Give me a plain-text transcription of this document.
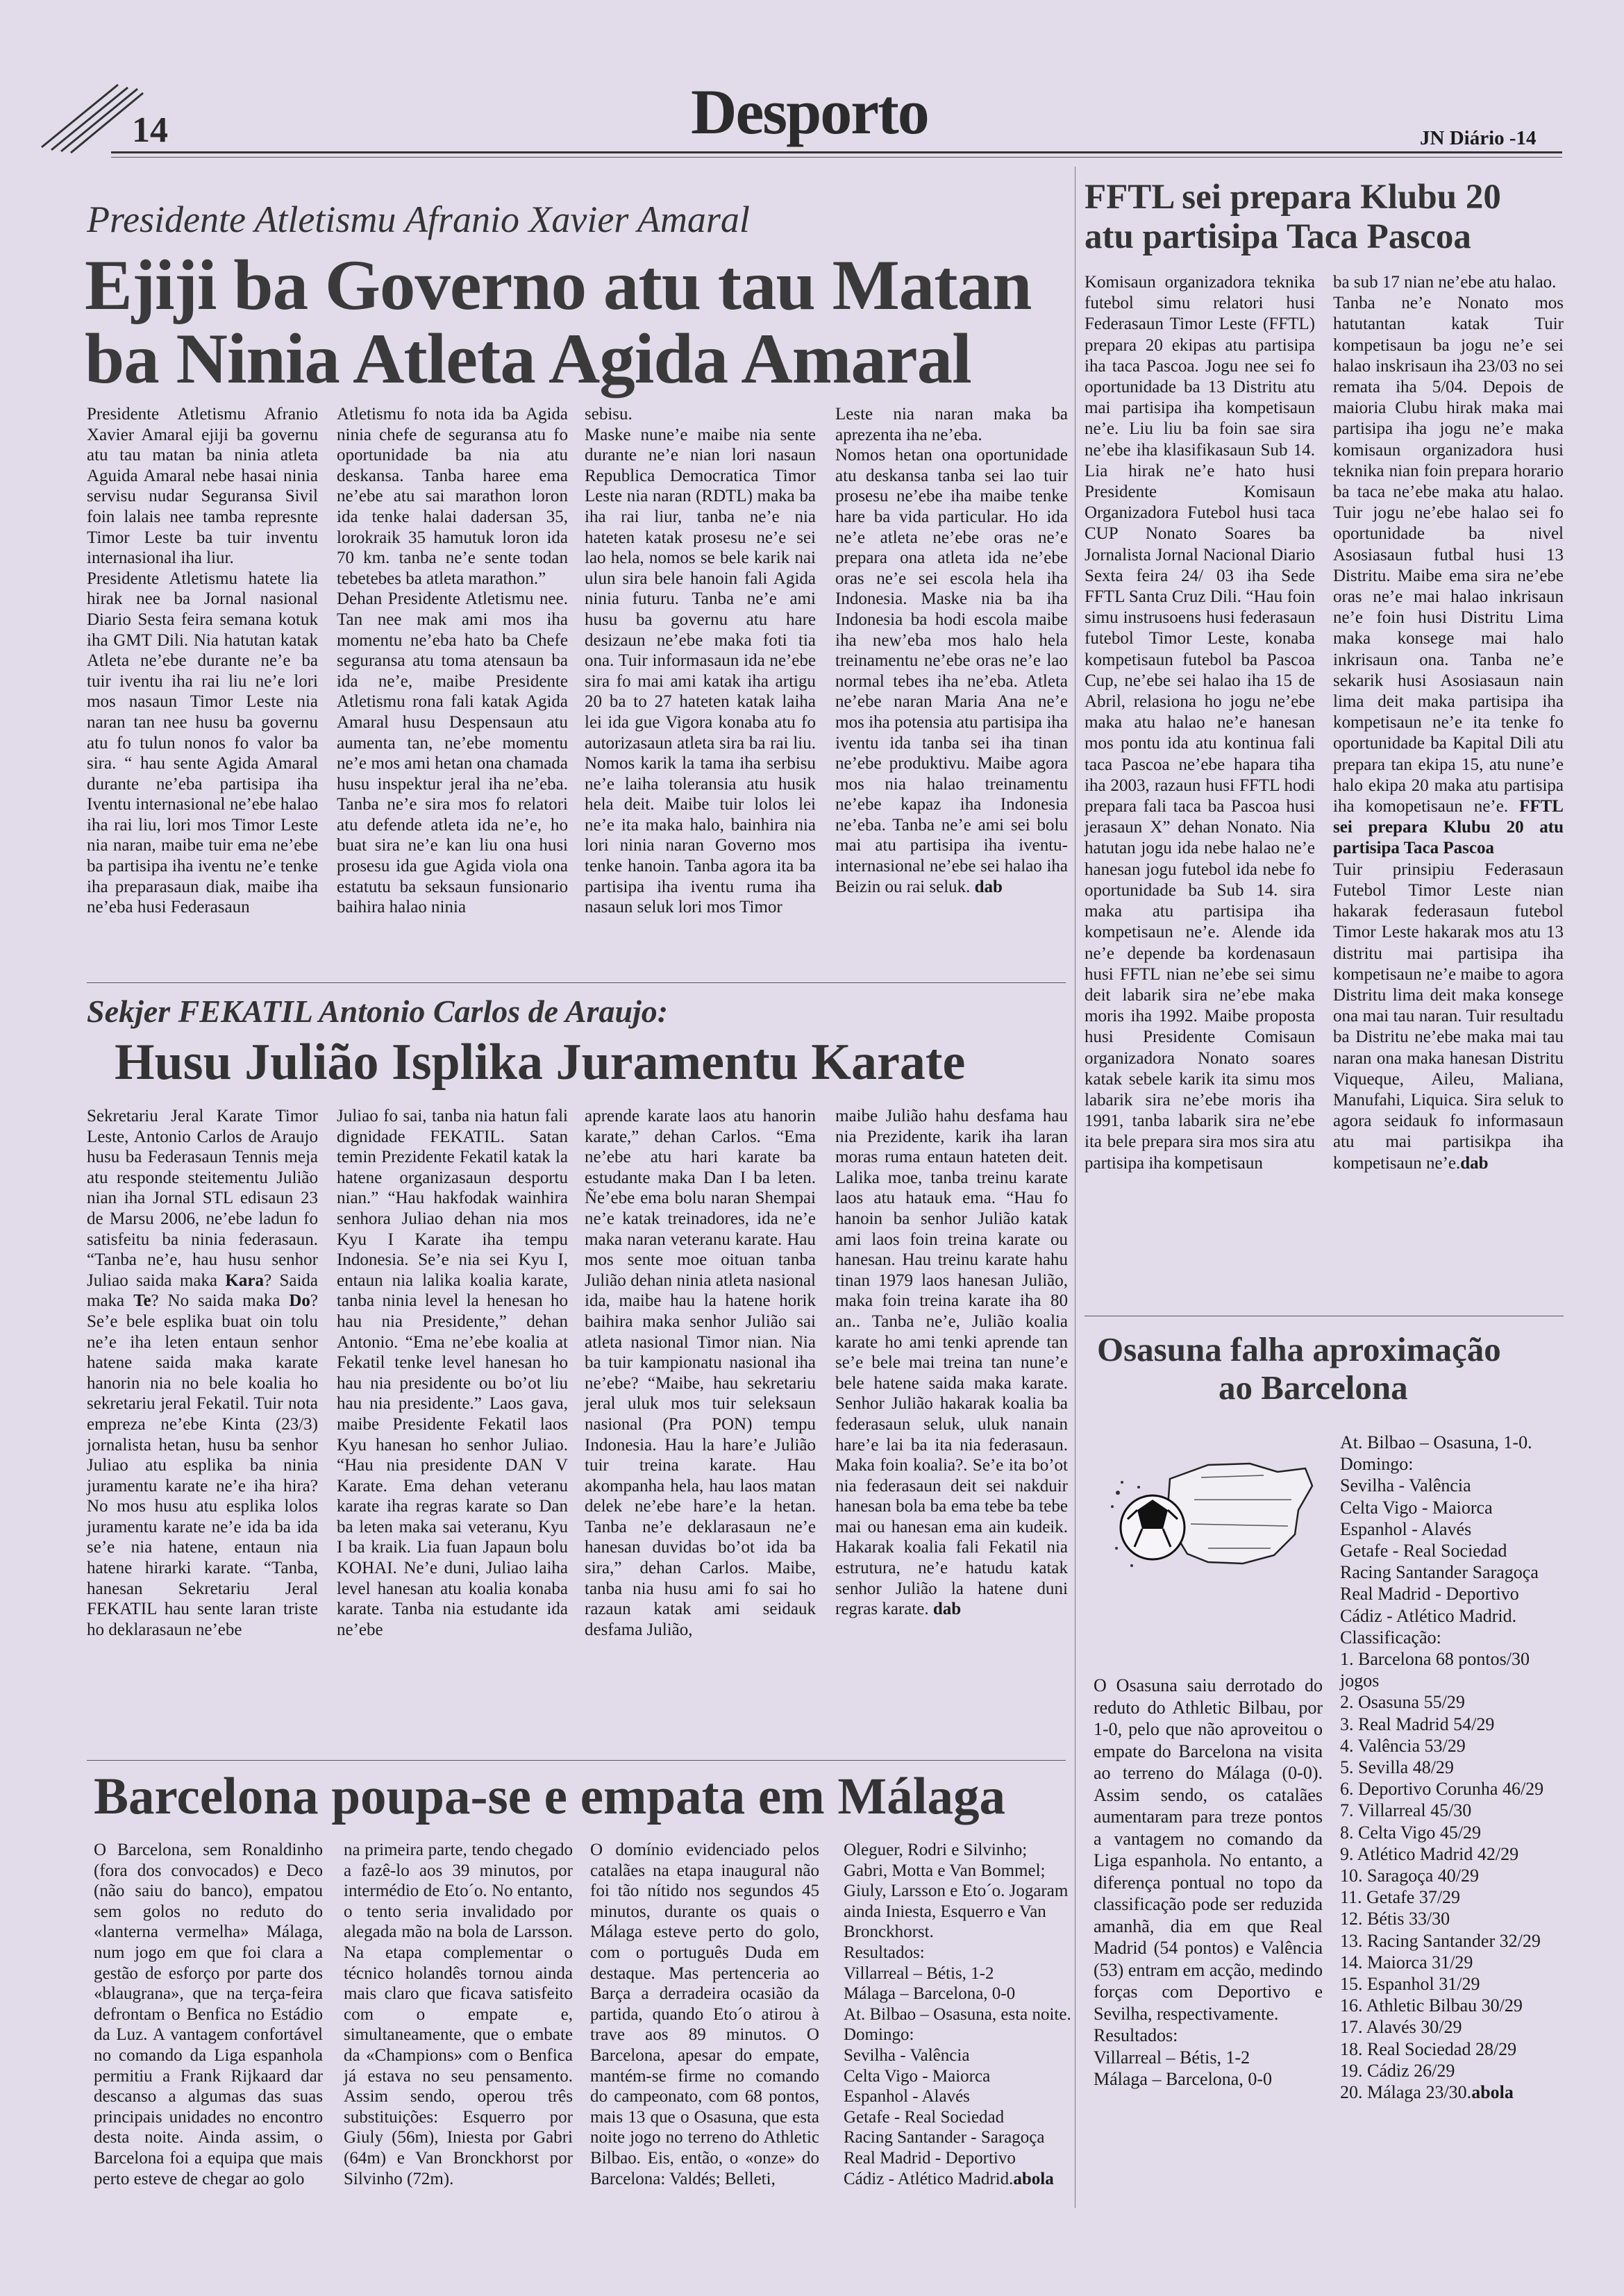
14	Desporto	JN Diário -14
Presidente Atletismu Afranio Xavier Amaral
Ejiji ba Governo atu tau Matan
ba Ninia Atleta Agida Amaral

Presidente Atletismu Afranio Xavier Amaral ejiji ba governu atu tau matan ba ninia atleta Aguida Amaral nebe hasai ninia servisu nudar Seguransa Sivil foin lalais nee tamba represnte Timor Leste ba tuir inventu internasional iha liur.
Presidente Atletismu hatete lia hirak nee ba Jornal nasional Diario Sesta feira semana kotuk iha GMT Dili. Nia hatutan katak Atleta ne’ebe durante ne’e ba tuir iventu iha rai liu ne’e lori mos nasaun Timor Leste nia naran tan nee husu ba governu atu fo tulun nonos fo valor ba sira. “ hau sente Agida Amaral durante ne’eba partisipa iha Iventu internasional ne’ebe halao iha rai liu, lori mos Timor Leste nia naran, maibe tuir ema ne’ebe ba partisipa iha iventu ne’e tenke iha preparasaun diak, maibe iha ne’eba husi Federasaun

Atletismu fo nota ida ba Agida ninia chefe de seguransa atu fo oportunidade ba nia atu deskansa. Tanba haree ema ne’ebe atu sai marathon loron ida tenke halai dadersan 35, lorokraik 35 hamutuk loron ida 70 km. tanba ne’e sente todan tebetebes ba atleta marathon.”
Dehan Presidente Atletismu nee. Tan nee mak ami mos iha momentu ne’eba hato ba Chefe seguransa atu toma atensaun ba ida ne’e, maibe Presidente Atletismu rona fali katak Agida Amaral husu Despensaun atu aumenta tan, ne’ebe momentu ne’e mos ami hetan ona chamada husu inspektur jeral iha ne’eba. Tanba ne’e sira mos fo relatori atu defende atleta ida ne’e, ho buat sira ne’e kan liu ona husi prosesu ida gue Agida viola ona estatutu ba seksaun funsionario baihira halao ninia

sebisu.
Maske nune’e maibe nia sente durante ne’e nian lori nasaun Republica Democratica Timor Leste nia naran (RDTL) maka ba iha rai liur, tanba ne’e nia hateten katak prosesu ne’e sei lao hela, nomos se bele karik nai ulun sira bele hanoin fali Agida ninia futuru. Tanba ne’e ami husu ba governu atu hare desizaun ne’ebe maka foti tia ona. Tuir informasaun ida ne’ebe sira fo mai ami katak iha artigu 20 ba to 27 hateten katak laiha lei ida gue Vigora konaba atu fo autorizasaun atleta sira ba rai liu. Nomos karik la tama iha serbisu ne’e laiha toleransia atu husik hela deit. Maibe tuir lolos lei ne’e ita maka halo, bainhira nia lori ninia naran Governo mos tenke hanoin. Tanba agora ita ba partisipa iha iventu ruma iha nasaun seluk lori mos Timor

Leste nia naran maka ba aprezenta iha ne’eba.
Nomos hetan ona oportunidade atu deskansa tanba sei lao tuir prosesu ne’ebe iha maibe tenke hare ba vida particular. Ho ida ne’e atleta ne’ebe oras ne’e prepara ona atleta ida ne’ebe oras ne’e sei escola hela iha Indonesia. Maske nia ba iha Indonesia ba hodi escola maibe iha new’eba mos halo hela treinamentu ne’ebe oras ne’e lao normal tebes iha ne’eba. Atleta ne’ebe naran Maria Ana ne’e mos iha potensia atu partisipa iha iventu ida tanba sei iha tinan ne’ebe produktivu. Maibe agora mos nia halao treinamentu ne’ebe kapaz iha Indonesia ne’eba. Tanba ne’e ami sei bolu mai atu partisipa iha iventu-internasional ne’ebe sei halao iha Beizin ou rai seluk. dab

Sekjer FEKATIL Antonio Carlos de Araujo:
Husu Julião Isplika Juramentu Karate

Sekretariu Jeral Karate Timor Leste, Antonio Carlos de Araujo husu ba Federasaun Tennis meja atu responde steitementu Julião nian iha Jornal STL edisaun 23 de Marsu 2006, ne’ebe ladun fo satisfeitu ba ninia federasaun. “Tanba ne’e, hau husu senhor Juliao saida maka Kara? Saida maka Te? No saida maka Do? Se’e bele esplika buat oin tolu ne’e iha leten entaun senhor hatene saida maka karate hanorin nia no bele koalia ho sekretariu jeral Fekatil. Tuir nota empreza ne’ebe Kinta (23/3) jornalista hetan, husu ba senhor Juliao atu esplika ba ninia juramentu karate ne’e iha hira? No mos husu atu esplika lolos juramentu karate ne’e ida ba ida se’e nia hatene, entaun nia hatene hirarki karate. “Tanba, hanesan Sekretariu Jeral FEKATIL hau sente laran triste ho deklarasaun ne’ebe

Juliao fo sai, tanba nia hatun fali dignidade FEKATIL. Satan temin Prezidente Fekatil katak la hatene organizasaun desportu nian.” “Hau hakfodak wainhira senhora Juliao dehan nia mos Kyu I Karate iha tempu Indonesia. Se’e nia sei Kyu I, entaun nia lalika koalia karate, tanba ninia level la henesan ho hau nia Presidente,” dehan Antonio. “Ema ne’ebe koalia at Fekatil tenke level hanesan ho hau nia presidente ou bo’ot liu hau nia presidente.” Laos gava, maibe Presidente Fekatil laos Kyu hanesan ho senhor Juliao. “Hau nia presidente DAN V Karate. Ema dehan veteranu karate iha regras karate so Dan ba leten maka sai veteranu, Kyu I ba kraik. Lia fuan Japaun bolu KOHAI. Ne’e duni, Juliao laiha level hanesan atu koalia konaba karate. Tanba nia estudante ida ne’ebe

aprende karate laos atu hanorin karate,” dehan Carlos. “Ema ne’ebe atu hari karate ba estudante maka Dan I ba leten. Ñe’ebe ema bolu naran Shempai ne’e katak treinadores, ida ne’e maka naran veteranu karate. Hau mos sente moe oituan tanba Julião dehan ninia atleta nasional ida, maibe hau la hatene horik baihira maka senhor Julião sai atleta nasional Timor nian. Nia ba tuir kampionatu nasional iha ne’ebe? “Maibe, hau sekretariu jeral uluk mos tuir seleksaun nasional (Pra PON) tempu Indonesia. Hau la hare’e Julião tuir treina karate. Hau akompanha hela, hau laos matan delek ne’ebe hare’e la hetan. Tanba ne’e deklarasaun ne’e hanesan duvidas bo’ot ida ba sira,” dehan Carlos. Maibe, tanba nia husu ami fo sai ho razaun katak ami seidauk desfama Julião,

maibe Julião hahu desfama hau nia Prezidente, karik iha laran moras ruma entaun hateten deit. Lalika moe, tanba treinu karate laos atu hatauk ema. “Hau fo hanoin ba senhor Julião katak ami laos foin treina karate ou hanesan. Hau treinu karate hahu tinan 1979 laos hanesan Julião, maka foin treina karate iha 80 an.. Tanba ne’e, Julião koalia karate ho ami tenki aprende tan se’e bele mai treina tan nune’e bele hatene saida maka karate. Senhor Julião hakarak koalia ba federasaun seluk, uluk nanain hare’e lai ba ita nia federasaun. Maka foin koalia?. Se’e ita bo’ot nia federasaun deit sei nakduir hanesan bola ba ema tebe ba tebe mai ou hanesan ema ain kudeik. Hakarak koalia fali Fekatil nia estrutura, ne’e hatudu katak senhor Julião la hatene duni regras karate. dab

Barcelona poupa-se e empata em Málaga

O Barcelona, sem Ronaldinho (fora dos convocados) e Deco (não saiu do banco), empatou sem golos no reduto do «lanterna vermelha» Málaga, num jogo em que foi clara a gestão de esforço por parte dos «blaugrana», que na terça-feira defrontam o Benfica no Estádio da Luz. A vantagem confortável no comando da Liga espanhola permitiu a Frank Rijkaard dar descanso a algumas das suas principais unidades no encontro desta noite. Ainda assim, o Barcelona foi a equipa que mais perto esteve de chegar ao golo

na primeira parte, tendo chegado a fazê-lo aos 39 minutos, por intermédio de Eto´o. No entanto, o tento seria invalidado por alegada mão na bola de Larsson. Na etapa complementar o técnico holandês tornou ainda mais claro que ficava satisfeito com o empate e, simultaneamente, que o embate da «Champions» com o Benfica já estava no seu pensamento. Assim sendo, operou três substituições: Esquerro por Giuly (56m), Iniesta por Gabri (64m) e Van Bronckhorst por Silvinho (72m).

O domínio evidenciado pelos catalães na etapa inaugural não foi tão nítido nos segundos 45 minutos, durante os quais o Málaga esteve perto do golo, com o português Duda em destaque. Mas pertenceria ao Barça a derradeira ocasião da partida, quando Eto´o atirou à trave aos 89 minutos. O Barcelona, apesar do empate, mantém-se firme no comando do campeonato, com 68 pontos, mais 13 que o Osasuna, que esta noite jogo no terreno do Athletic Bilbao. Eis, então, o «onze» do Barcelona: Valdés; Belleti,

Oleguer, Rodri e Silvinho; Gabri, Motta e Van Bommel; Giuly, Larsson e Eto´o. Jogaram ainda Iniesta, Esquerro e Van Bronckhorst.
Resultados:
Villarreal – Bétis, 1-2
Málaga – Barcelona, 0-0
At. Bilbao – Osasuna, esta noite.
Domingo:
Sevilha - Valência
Celta Vigo - Maiorca
Espanhol - Alavés
Getafe - Real Sociedad
Racing Santander - Saragoça
Real Madrid - Deportivo
Cádiz - Atlético Madrid.abola

FFTL sei prepara Klubu 20
atu partisipa Taca Pascoa

Komisaun organizadora teknika futebol simu relatori husi Federasaun Timor Leste (FFTL) prepara 20 ekipas atu partisipa iha taca Pascoa. Jogu nee sei fo oportunidade ba 13 Distritu atu mai partisipa iha kompetisaun ne’e. Liu liu ba foin sae sira ne’ebe iha klasifikasaun Sub 14. Lia hirak ne’e hato husi Presidente Komisaun Organizadora Futebol husi taca CUP Nonato Soares ba Jornalista Jornal Nacional Diario Sexta feira 24/ 03 iha Sede FFTL Santa Cruz Dili. “Hau foin simu instrusoens husi federasaun futebol Timor Leste, konaba kompetisaun futebol ba Pascoa Cup, ne’ebe sei halao iha 15 de Abril, relasiona ho jogu ne’ebe maka atu halao ne’e hanesan mos pontu ida atu kontinua fali taca Pascoa ne’ebe hapara tiha iha 2003, razaun husi FFTL hodi prepara fali taca ba Pascoa husi jerasaun X” dehan Nonato. Nia hatutan jogu ida nebe halao ne’e hanesan jogu futebol ida nebe fo oportunidade ba Sub 14. sira maka atu partisipa iha kompetisaun ne’e. Alende ida ne’e depende ba kordenasaun husi FFTL nian ne’ebe sei simu deit labarik sira ne’ebe maka moris iha 1992. Maibe proposta husi Presidente Comisaun organizadora Nonato soares katak sebele karik ita simu mos labarik sira ne’ebe moris iha 1991, tanba labarik sira ne’ebe ita bele prepara sira mos sira atu partisipa iha kompetisaun

ba sub 17 nian ne’ebe atu halao.
Tanba ne’e Nonato mos hatutantan katak Tuir kompetisaun ba jogu ne’e sei halao inskrisaun iha 23/03 no sei remata iha 5/04. Depois de maioria Clubu hirak maka mai partisipa iha jogu ne’e maka komisaun organizadora husi teknika nian foin prepara horario ba taca ne’ebe maka atu halao. Tuir jogu ne’ebe halao sei fo oportunidade ba nivel Asosiasaun futbal husi 13 Distritu. Maibe ema sira ne’ebe oras ne’e mai halao inkrisaun ne’e foin husi Distritu Lima maka konsege mai halo inkrisaun ona. Tanba ne’e sekarik husi Asosiasaun nain lima deit maka partisipa iha kompetisaun ne’e ita tenke fo oportunidade ba Kapital Dili atu prepara tan ekipa 15, atu nune’e halo ekipa 20 maka atu partisipa iha komopetisaun ne’e. FFTL sei prepara Klubu 20 atu partisipa Taca Pascoa
Tuir prinsipiu Federasaun Futebol Timor Leste nian hakarak federasaun futebol Timor Leste hakarak mos atu 13 distritu mai partisipa iha kompetisaun ne’e maibe to agora Distritu lima deit maka konsege ona mai tau naran. Tuir resultadu ba Distritu ne’ebe maka mai tau naran ona maka hanesan Distritu Viqueque, Aileu, Maliana, Manufahi, Liquica. Sira seluk to agora seidauk fo informasaun atu mai partisikpa iha kompetisaun ne’e.dab

Osasuna falha aproximação
ao Barcelona

O Osasuna saiu derrotado do reduto do Athletic Bilbau, por 1-0, pelo que não aproveitou o empate do Barcelona na visita ao terreno do Málaga (0-0). Assim sendo, os catalães aumentaram para treze pontos a vantagem no comando da Liga espanhola. No entanto, a diferença pontual no topo da classificação pode ser reduzida amanhã, dia em que Real Madrid (54 pontos) e Valência (53) entram em acção, medindo forças com Deportivo e Sevilha, respectivamente.
Resultados:
Villarreal – Bétis, 1-2
Málaga – Barcelona, 0-0

At. Bilbao – Osasuna, 1-0.
Domingo:
Sevilha - Valência
Celta Vigo - Maiorca
Espanhol - Alavés
Getafe - Real Sociedad
Racing Santander Saragoça
Real Madrid - Deportivo
Cádiz - Atlético Madrid.
Classificação:
1. Barcelona 68 pontos/30 jogos
2. Osasuna 55/29
3. Real Madrid 54/29
4. Valência 53/29
5. Sevilla 48/29
6. Deportivo Corunha 46/29
7. Villarreal 45/30
8. Celta Vigo 45/29
9. Atlético Madrid 42/29
10. Saragoça 40/29
11. Getafe 37/29
12. Bétis 33/30
13. Racing Santander 32/29
14. Maiorca 31/29
15. Espanhol 31/29
16. Athletic Bilbau 30/29
17. Alavés 30/29
18. Real Sociedad 28/29
19. Cádiz 26/29
20. Málaga 23/30.abola
